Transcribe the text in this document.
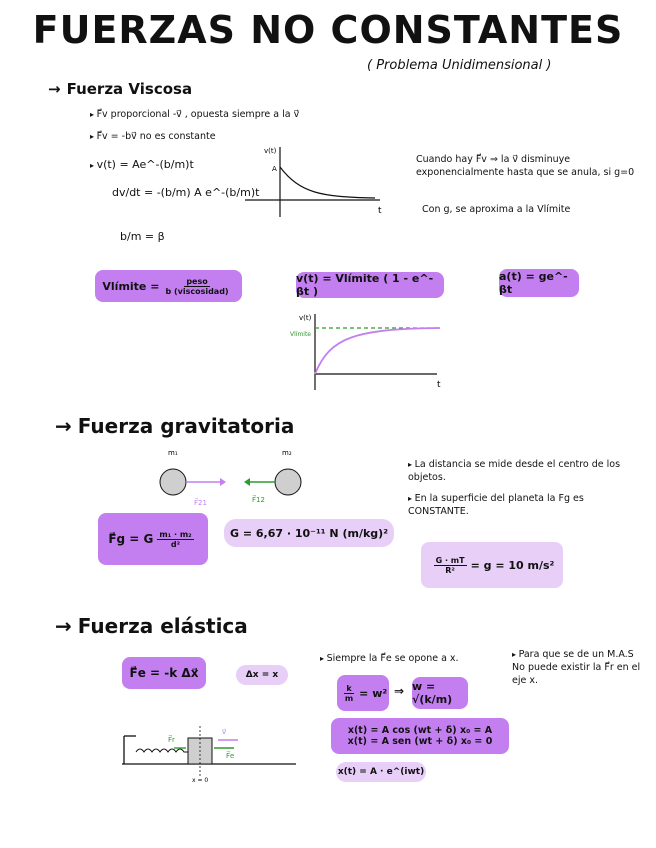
FUERZAS NO CONSTANTES
( Problema Unidimensional )
→ Fuerza Viscosa
▸ F⃗v proporcional -v⃗ , opuesta siempre a la v⃗
▸ F⃗v = -bv⃗ no es constante
▸ v(t) = Ae^-(b/m)t
dv/dt = -(b/m) A e^-(b/m)t
b/m = β
v(t)
A
t
Cuando hay F⃗v ⇒ la v⃗ disminuye exponencialmente hasta que se anula, si g=0
Con g, se aproxima a la Vlímite
Vlímite = $\frac{\text{peso}}{\text{b (viscosidad)}}$	v(t) = Vlímite ( 1 - e^-βt )
a(t) = ge^-βt
v(t)
Vlímite
t
→ Fuerza gravitatoria
m₁	m₂
F⃗21	F⃗12
F⃗g = G $\frac{\text{m₁ · m₂}}{\text{d²}}$	G = 6,67 · 10⁻¹¹ N (m/kg)²
▸ La distancia se mide desde el centro de los objetos.
▸ En la superficie del planeta la Fg es CONSTANTE.
$\frac{G \cdot mT}{\text{R²}} = g = 10$ m/s²
→ Fuerza elástica
F⃗e = -k Δx⃗	Δx = x
v⃗
F⃗e
F⃗r
x = 0
▸ Siempre la F⃗e se opone a x.
$\frac{k}{m} = w^2$ ⇒ w = √(k/m)
x(t) = A cos (wt + δ) x₀ = A
x(t) = A sen (wt + δ) x₀ = 0
x(t) = A · e^(iwt)
▸ Para que se de un M.A.S No puede existir la F⃗r en el eje x.
